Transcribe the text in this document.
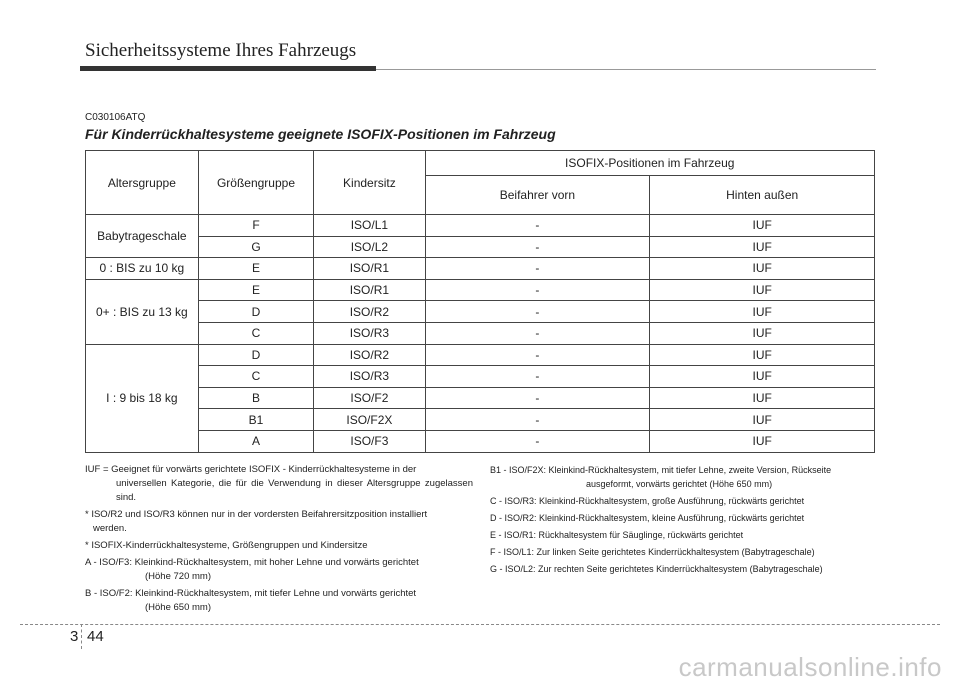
Sicherheitssysteme Ihres Fahrzeugs
C030106ATQ
Für Kinderrückhaltesysteme geeignete ISOFIX-Positionen im Fahrzeug
Altersgruppe	Größengruppe	Kindersitz	ISOFIX-Positionen im Fahrzeug	
			Beifahrer vorn	Hinten außen
Babytrageschale	F	ISO/L1	-	IUF
	G	ISO/L2	-	IUF
0 : BIS zu 10 kg	E	ISO/R1	-	IUF
0+ : BIS zu 13 kg	E	ISO/R1	-	IUF
	D	ISO/R2	-	IUF
	C	ISO/R3	-	IUF
I : 9 bis 18 kg	D	ISO/R2	-	IUF
	C	ISO/R3	-	IUF
	B	ISO/F2	-	IUF
	B1	ISO/F2X	-	IUF
	A	ISO/F3	-	IUF

IUF = Geeignet für vorwärts gerichtete ISOFIX - Kinderrückhaltesysteme in der
universellen Kategorie, die für die Verwendung in dieser Altersgruppe zugelassen sind.

* ISO/R2 und ISO/R3 können nur in der vordersten Beifahrersitzposition installiert
werden.

* ISOFIX-Kinderrückhaltesysteme, Größengruppen und Kindersitze

A - ISO/F3: Kleinkind-Rückhaltesystem, mit hoher Lehne und vorwärts gerichtet
(Höhe 720 mm)

B - ISO/F2: Kleinkind-Rückhaltesystem, mit tiefer Lehne und vorwärts gerichtet
(Höhe 650 mm)

B1 - ISO/F2X: Kleinkind-Rückhaltesystem, mit tiefer Lehne, zweite Version, Rückseite
ausgeformt, vorwärts gerichtet (Höhe 650 mm)

C - ISO/R3: Kleinkind-Rückhaltesystem, große Ausführung, rückwärts gerichtet

D - ISO/R2: Kleinkind-Rückhaltesystem, kleine Ausführung, rückwärts gerichtet

E - ISO/R1: Rückhaltesystem für Säuglinge, rückwärts gerichtet

F - ISO/L1: Zur linken Seite gerichtetes Kinderrückhaltesystem (Babytrageschale)

G - ISO/L2: Zur rechten Seite gerichtetes Kinderrückhaltesystem (Babytrageschale)

3 44
carmanualsonline.info
